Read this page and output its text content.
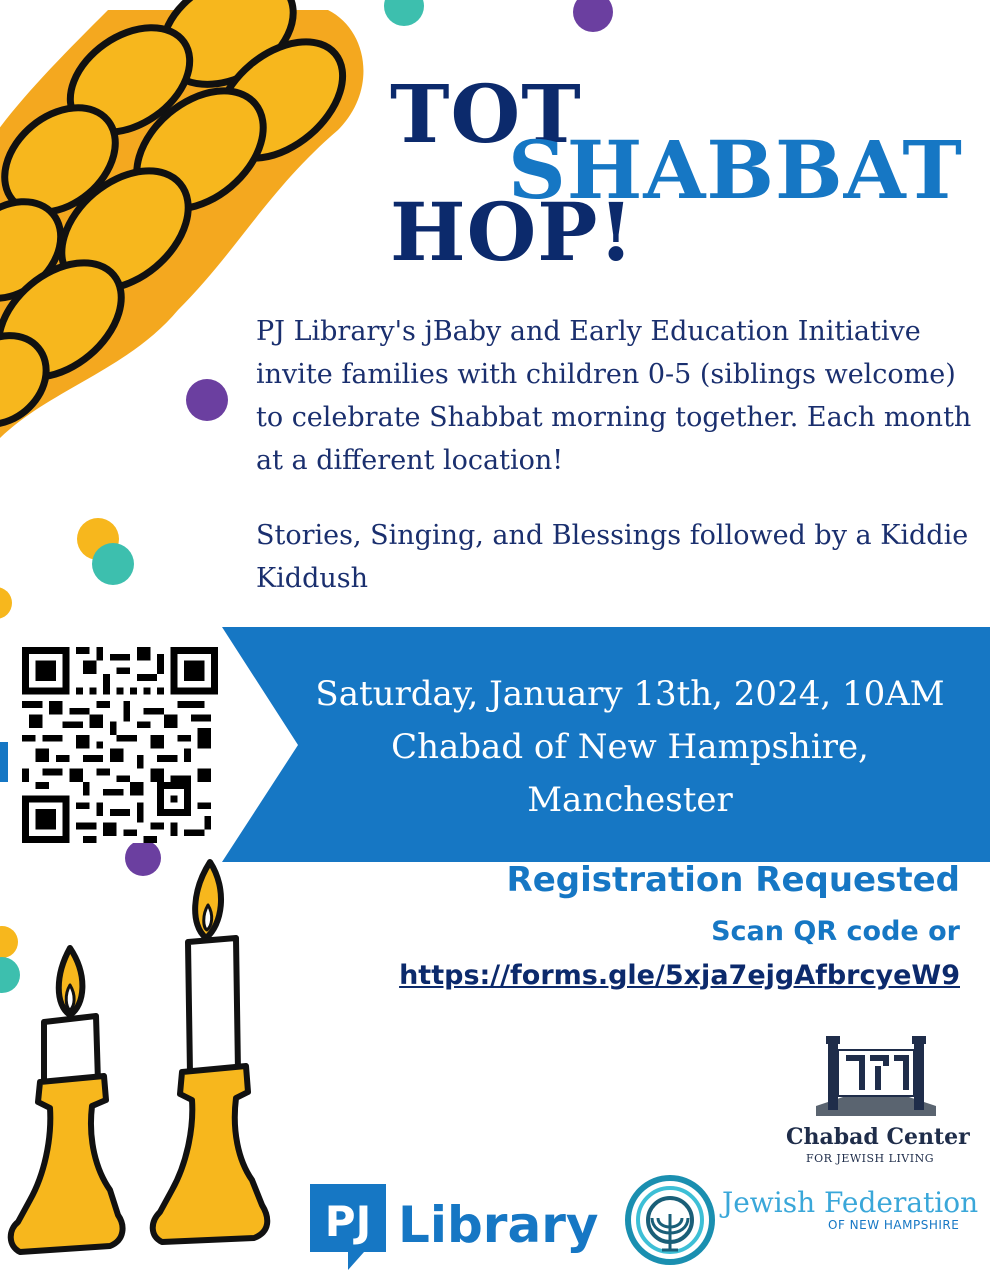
TOT
SHABBAT
HOP!
PJ Library's jBaby and Early Education Initiative invite families with children 0-5 (siblings welcome) to celebrate Shabbat morning together. Each month at a different location!
Stories, Singing, and Blessings followed by a Kiddie Kiddush
Saturday, January 13th, 2024, 10AM
Chabad of New Hampshire,
Manchester
Registration Requested
Scan QR code or
https://forms.gle/5xja7ejgAfbrcyeW9
Chabad Center
FOR JEWISH LIVING
PJ Library	Jewish Federation
OF NEW HAMPSHIRE
